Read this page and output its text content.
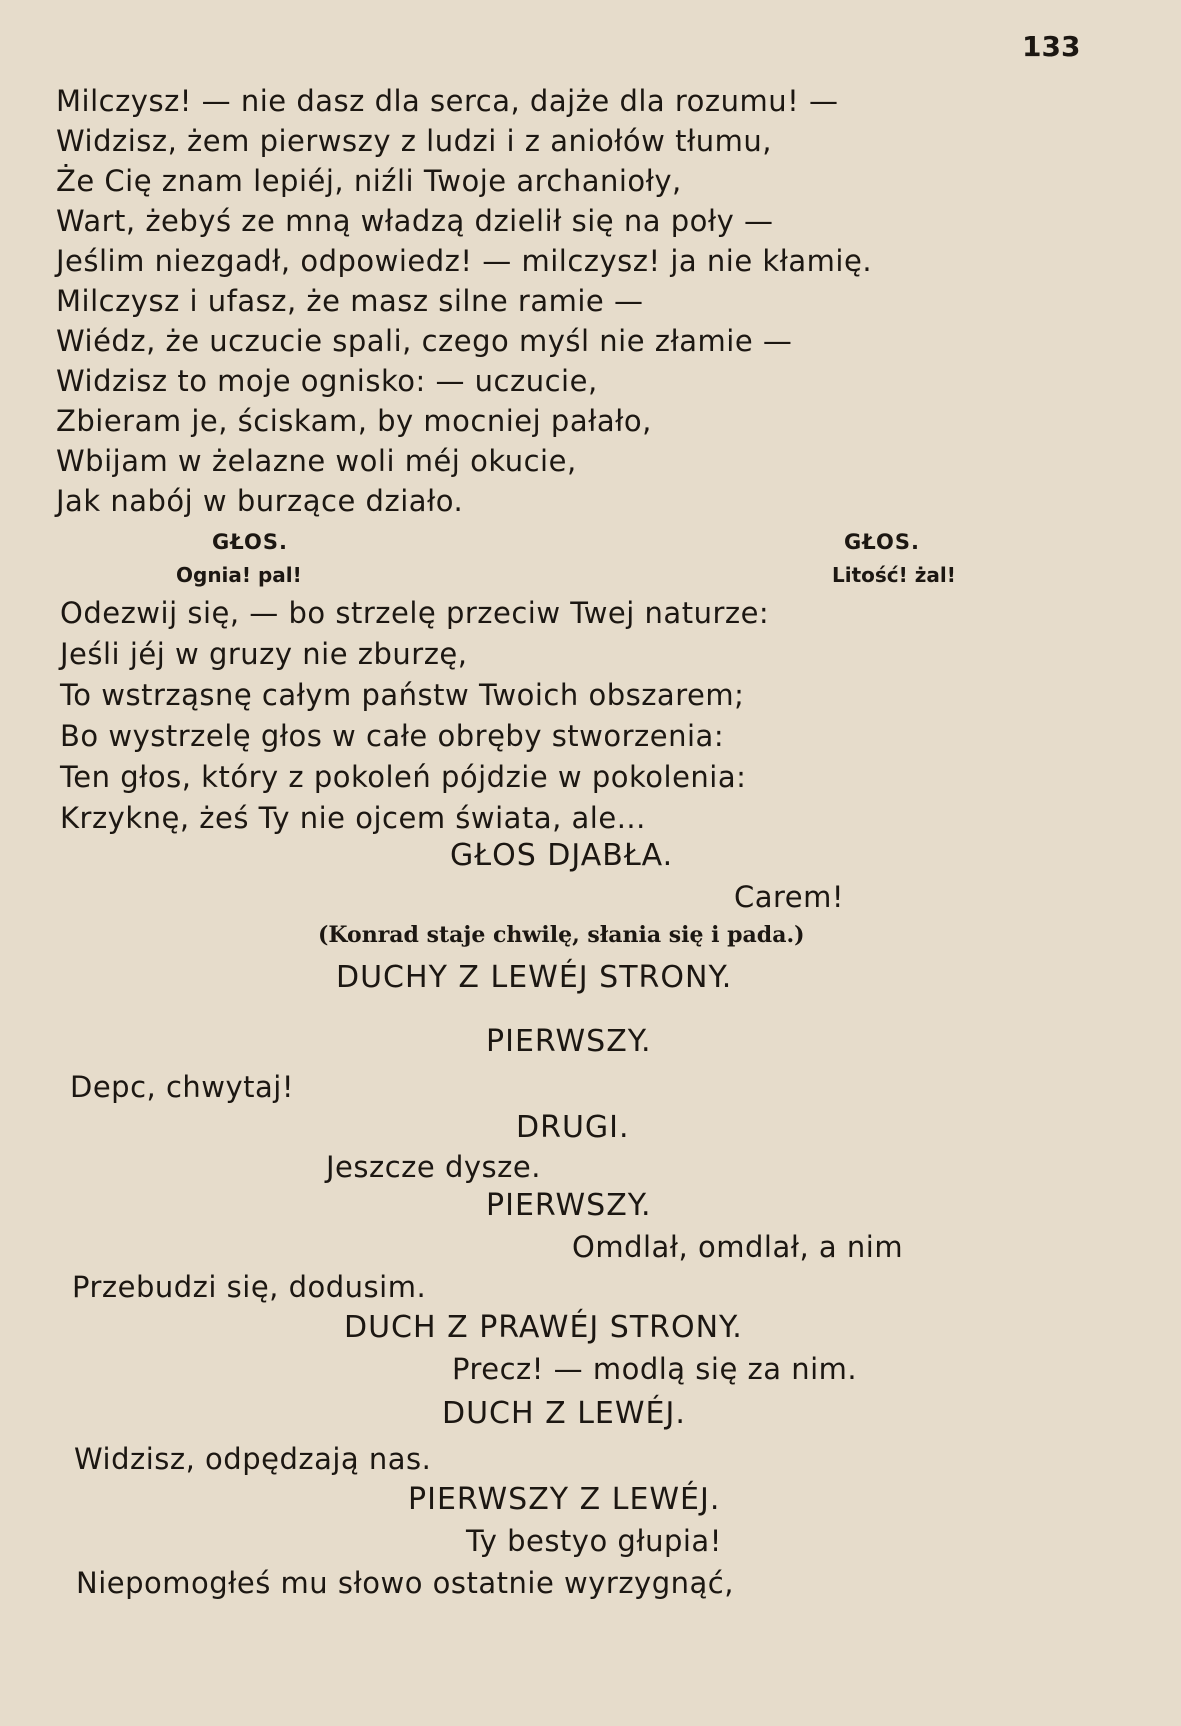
133
Milczysz! — nie dasz dla serca, dajże dla rozumu! —
Widzisz, żem pierwszy z ludzi i z aniołów tłumu,
Że Cię znam lepiéj, niźli Twoje archanioły,
Wart, żebyś ze mną władzą dzielił się na poły —
Jeślim niezgadł, odpowiedz! — milczysz! ja nie kłamię.
Milczysz i ufasz, że masz silne ramie —
Wiédz, że uczucie spali, czego myśl nie złamie —
Widzisz to moje ognisko: — uczucie,
Zbieram je, ściskam, by mocniej pałało,
Wbijam w żelazne woli méj okucie,
Jak nabój w burzące działo.
GŁOS.
Ognia! pal!
GŁOS.
Litość! żal!
Odezwij się, — bo strzelę przeciw Twej naturze:
Jeśli jéj w gruzy nie zburzę,
To wstrząsnę całym państw Twoich obszarem;
Bo wystrzelę głos w całe obręby stworzenia:
Ten głos, który z pokoleń pójdzie w pokolenia:
Krzyknę, żeś Ty nie ojcem świata, ale...
GŁOS DJABŁA.
Carem!
(Konrad staje chwilę, słania się i pada.)
DUCHY Z LEWÉJ STRONY.
PIERWSZY.
Depc, chwytaj!
DRUGI.
Jeszcze dysze.
PIERWSZY.
Omdlał, omdlał, a nim
Przebudzi się, dodusim.
DUCH Z PRAWÉJ STRONY.
Precz! — modlą się za nim.
DUCH Z LEWÉJ.
Widzisz, odpędzają nas.
PIERWSZY Z LEWÉJ.
Ty bestyo głupia!
Niepomogłeś mu słowo ostatnie wyrzygnąć,
